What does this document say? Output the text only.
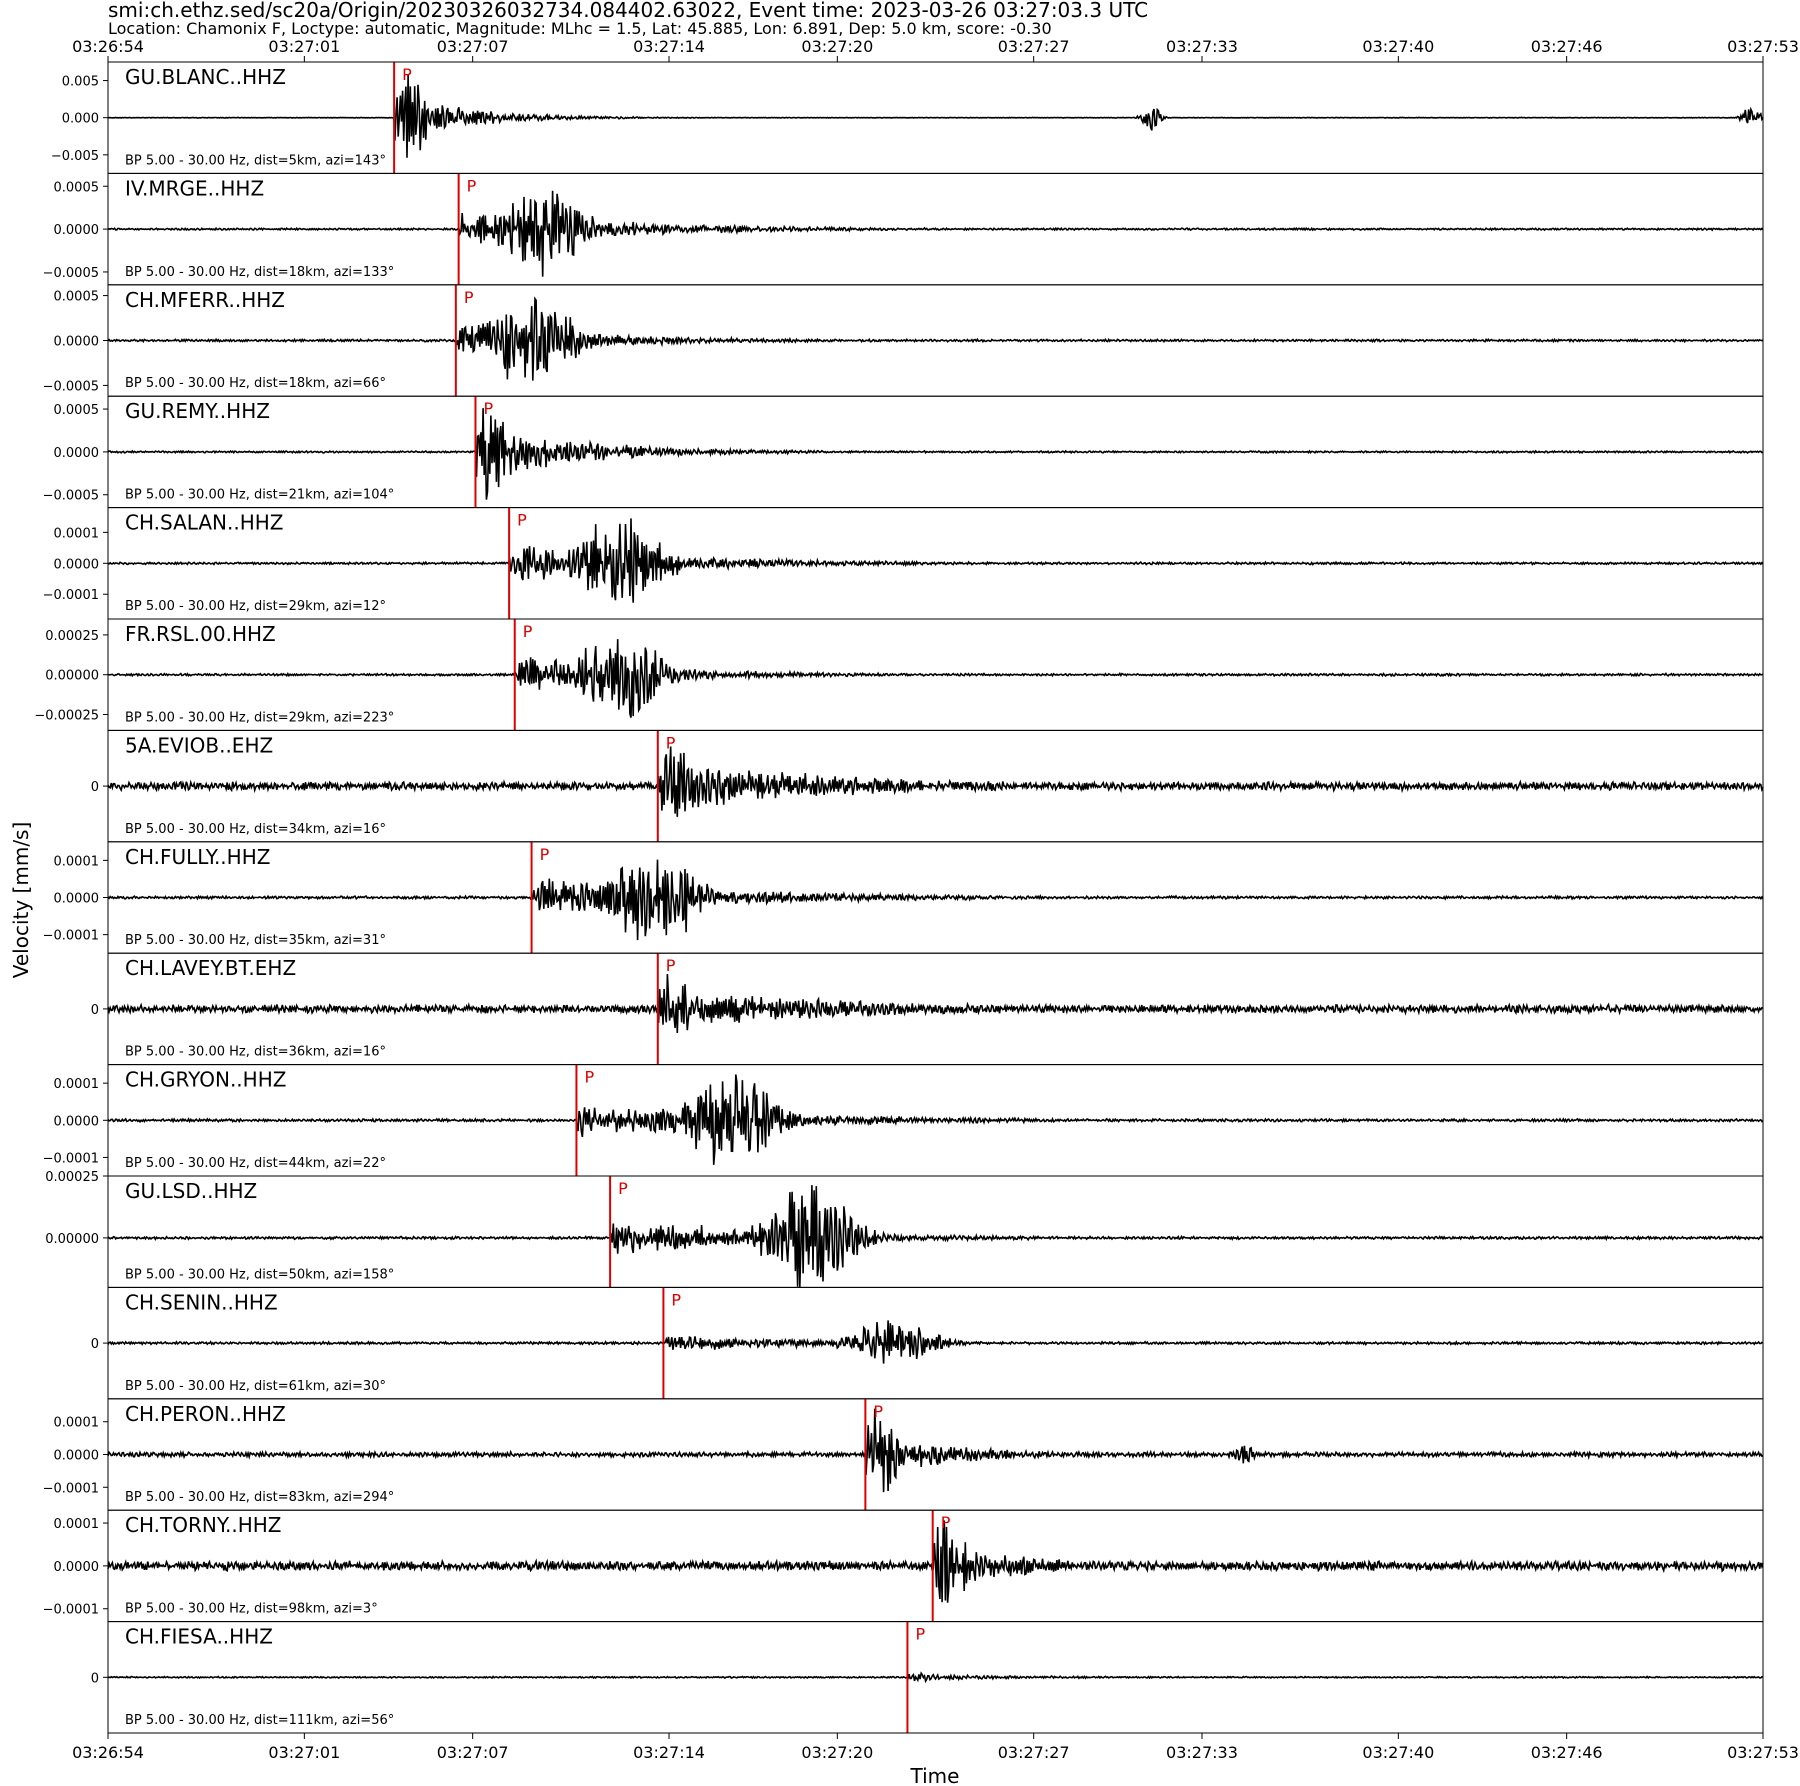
smi:ch.ethz.sed/sc20a/Origin/20230326032734.084402.63022, Event time: 2023-03-26 03:27:03.3 UTC
Location: Chamonix F, Loctype: automatic, Magnitude: MLhc = 1.5, Lat: 45.885, Lon: 6.891, Dep: 5.0 km, score: -0.30
03:26:54	03:27:01	03:27:07	03:27:14	03:27:20	03:27:27	03:27:33	03:27:40	03:27:46	03:27:53
P
GU.BLANC..HHZ
BP 5.00 - 30.00 Hz, dist=5km, azi=143°
0.005
0.000
−0.005
P
IV.MRGE..HHZ
BP 5.00 - 30.00 Hz, dist=18km, azi=133°
0.0005
0.0000
−0.0005
P
CH.MFERR..HHZ
BP 5.00 - 30.00 Hz, dist=18km, azi=66°
0.0005
0.0000
−0.0005
P
GU.REMY..HHZ
BP 5.00 - 30.00 Hz, dist=21km, azi=104°
0.0005
0.0000
−0.0005
P
CH.SALAN..HHZ
BP 5.00 - 30.00 Hz, dist=29km, azi=12°
0.0001
0.0000
−0.0001
P
FR.RSL.00.HHZ
BP 5.00 - 30.00 Hz, dist=29km, azi=223°
0.00025
0.00000
−0.00025
P
5A.EVIOB..EHZ
BP 5.00 - 30.00 Hz, dist=34km, azi=16°
0
P
CH.FULLY..HHZ
BP 5.00 - 30.00 Hz, dist=35km, azi=31°
0.0001
0.0000
−0.0001
P
CH.LAVEY.BT.EHZ
BP 5.00 - 30.00 Hz, dist=36km, azi=16°
0
P
CH.GRYON..HHZ
BP 5.00 - 30.00 Hz, dist=44km, azi=22°
0.0001
0.0000
−0.0001
P
GU.LSD..HHZ
BP 5.00 - 30.00 Hz, dist=50km, azi=158°
0.00025
0.00000
P
CH.SENIN..HHZ
BP 5.00 - 30.00 Hz, dist=61km, azi=30°
0
P
CH.PERON..HHZ
BP 5.00 - 30.00 Hz, dist=83km, azi=294°
0.0001
0.0000
−0.0001
P
CH.TORNY..HHZ
BP 5.00 - 30.00 Hz, dist=98km, azi=3°
0.0001
0.0000
−0.0001
P
CH.FIESA..HHZ
BP 5.00 - 30.00 Hz, dist=111km, azi=56°
0
03:26:54	03:27:01	03:27:07	03:27:14	03:27:20	03:27:27	03:27:33	03:27:40	03:27:46	03:27:53
Time
Velocity [mm/s]
